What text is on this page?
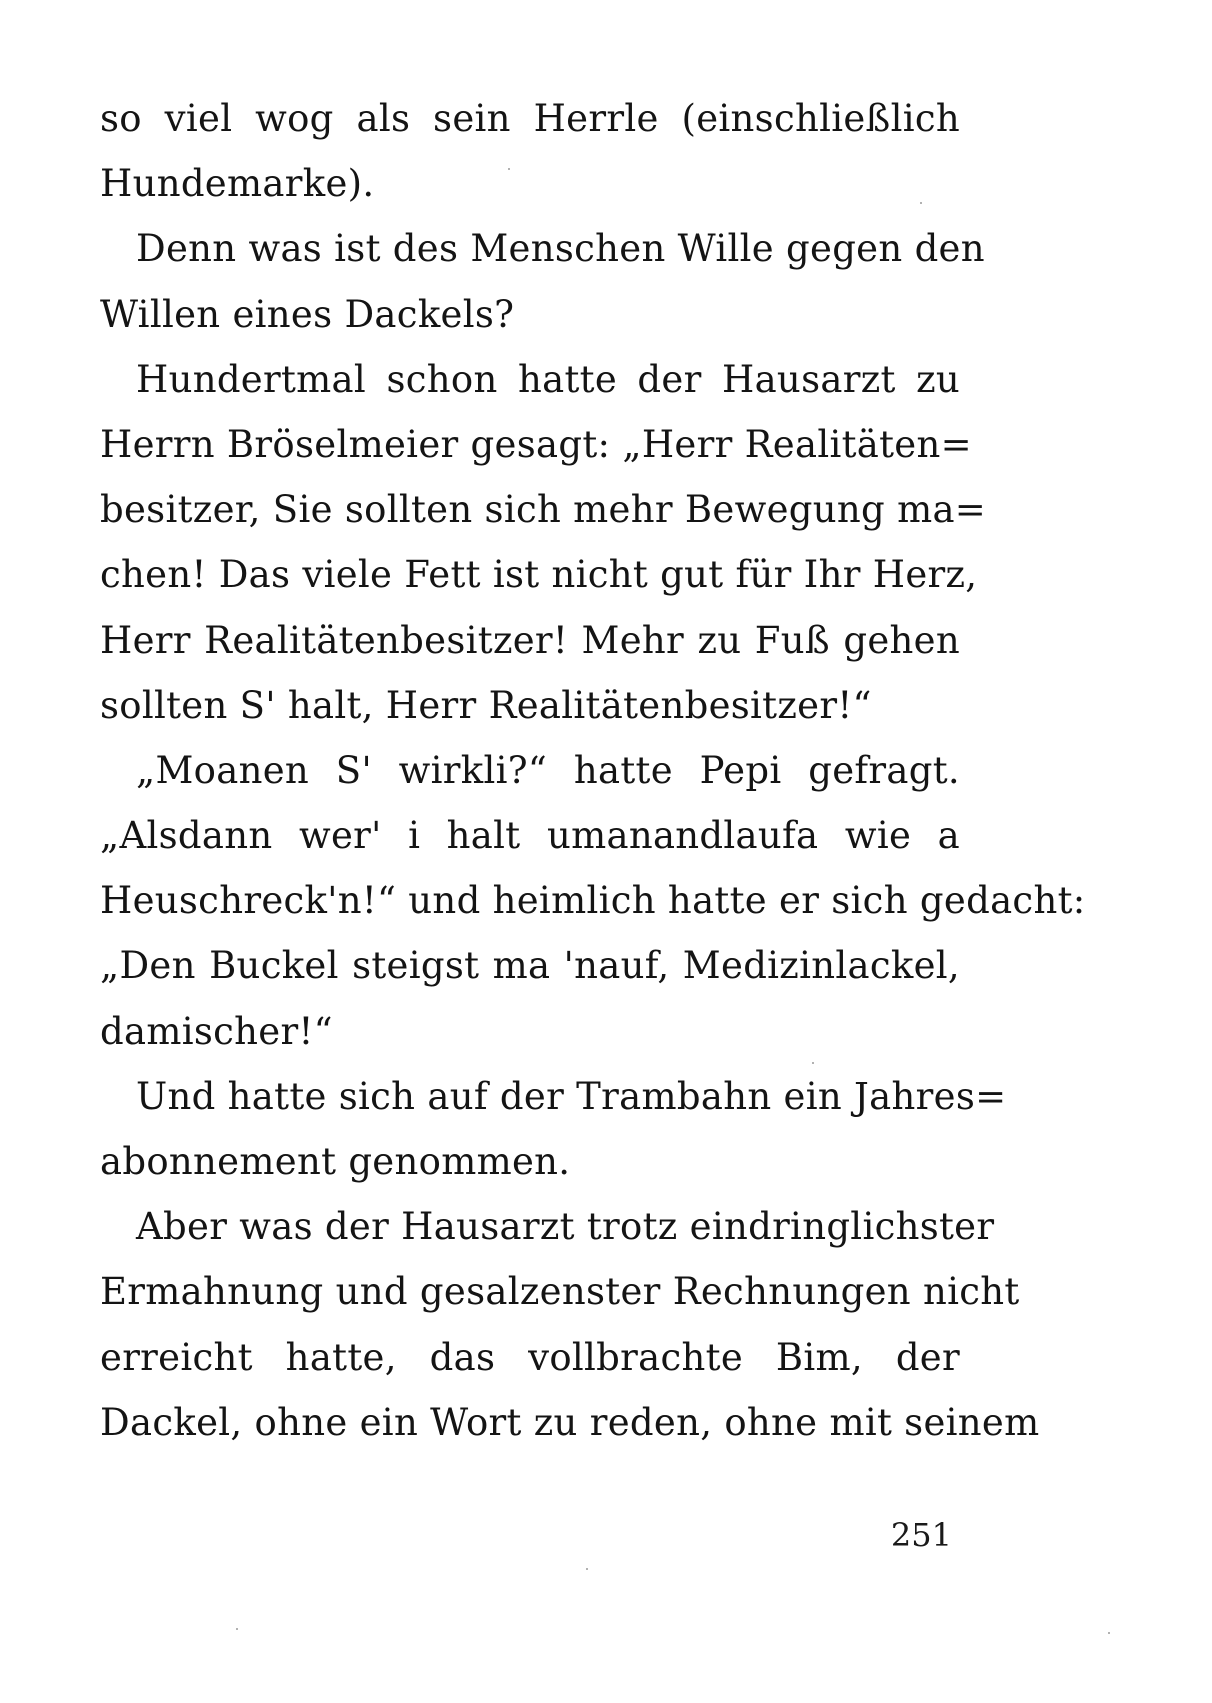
so viel wog als sein Herrle (einschließlich
Hundemarke).
Denn was ist des Menschen Wille gegen den
Willen eines Dackels?
Hundertmal schon hatte der Hausarzt zu
Herrn Bröselmeier gesagt: „Herr Realitäten=
besitzer, Sie sollten sich mehr Bewegung ma=
chen! Das viele Fett ist nicht gut für Ihr Herz,
Herr Realitätenbesitzer! Mehr zu Fuß gehen
sollten S' halt, Herr Realitätenbesitzer!“
„Moanen S' wirkli?“ hatte Pepi gefragt.
„Alsdann wer' i halt umanandlaufa wie a
Heuschreck'n!“ und heimlich hatte er sich gedacht:
„Den Buckel steigst ma 'nauf, Medizinlackel,
damischer!“
Und hatte sich auf der Trambahn ein Jahres=
abonnement genommen.
Aber was der Hausarzt trotz eindringlichster
Ermahnung und gesalzenster Rechnungen nicht
erreicht hatte, das vollbrachte Bim, der
Dackel, ohne ein Wort zu reden, ohne mit seinem
251
